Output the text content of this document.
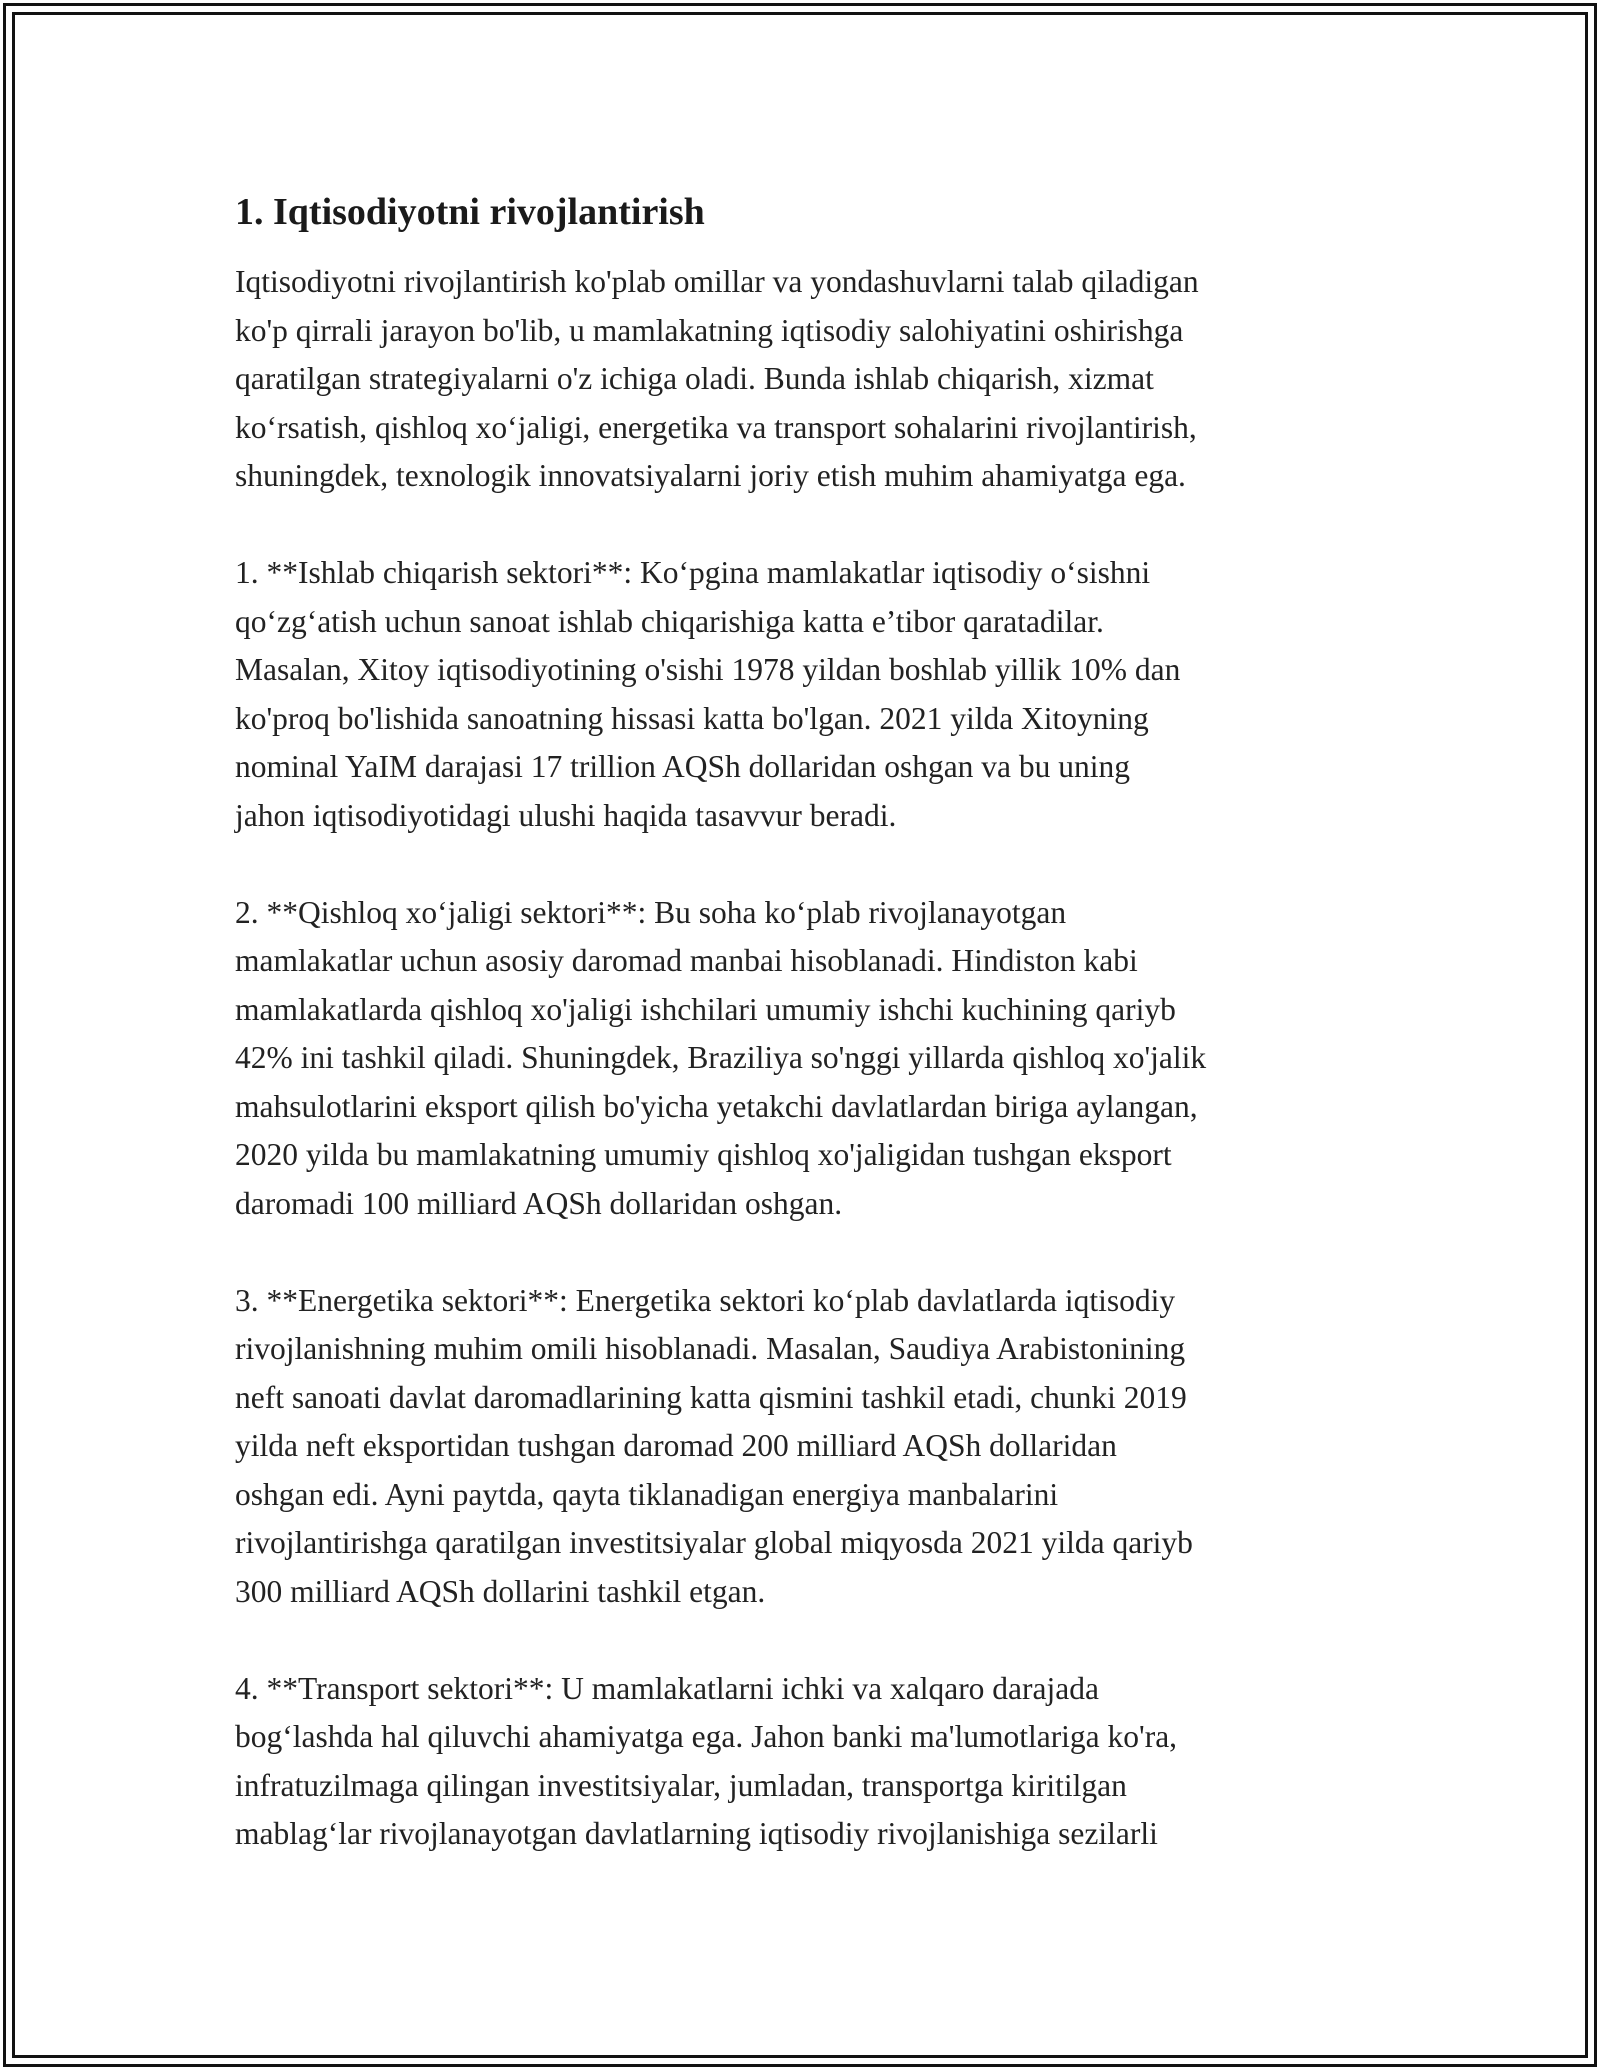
1. Iqtisodiyotni rivojlantirish
Iqtisodiyotni rivojlantirish ko'plab omillar va yondashuvlarni talab qiladigan
ko'p qirrali jarayon bo'lib, u mamlakatning iqtisodiy salohiyatini oshirishga
qaratilgan strategiyalarni o'z ichiga oladi. Bunda ishlab chiqarish, xizmat
ko‘rsatish, qishloq xo‘jaligi, energetika va transport sohalarini rivojlantirish,
shuningdek, texnologik innovatsiyalarni joriy etish muhim ahamiyatga ega.
1. **Ishlab chiqarish sektori**: Ko‘pgina mamlakatlar iqtisodiy o‘sishni
qo‘zg‘atish uchun sanoat ishlab chiqarishiga katta e’tibor qaratadilar.
Masalan, Xitoy iqtisodiyotining o'sishi 1978 yildan boshlab yillik 10% dan
ko'proq bo'lishida sanoatning hissasi katta bo'lgan. 2021 yilda Xitoyning
nominal YaIM darajasi 17 trillion AQSh dollaridan oshgan va bu uning
jahon iqtisodiyotidagi ulushi haqida tasavvur beradi.
2. **Qishloq xo‘jaligi sektori**: Bu soha ko‘plab rivojlanayotgan
mamlakatlar uchun asosiy daromad manbai hisoblanadi. Hindiston kabi
mamlakatlarda qishloq xo'jaligi ishchilari umumiy ishchi kuchining qariyb
42% ini tashkil qiladi. Shuningdek, Braziliya so'nggi yillarda qishloq xo'jalik
mahsulotlarini eksport qilish bo'yicha yetakchi davlatlardan biriga aylangan,
2020 yilda bu mamlakatning umumiy qishloq xo'jaligidan tushgan eksport
daromadi 100 milliard AQSh dollaridan oshgan.
3. **Energetika sektori**: Energetika sektori ko‘plab davlatlarda iqtisodiy
rivojlanishning muhim omili hisoblanadi. Masalan, Saudiya Arabistonining
neft sanoati davlat daromadlarining katta qismini tashkil etadi, chunki 2019
yilda neft eksportidan tushgan daromad 200 milliard AQSh dollaridan
oshgan edi. Ayni paytda, qayta tiklanadigan energiya manbalarini
rivojlantirishga qaratilgan investitsiyalar global miqyosda 2021 yilda qariyb
300 milliard AQSh dollarini tashkil etgan.
4. **Transport sektori**: U mamlakatlarni ichki va xalqaro darajada
bog‘lashda hal qiluvchi ahamiyatga ega. Jahon banki ma'lumotlariga ko'ra,
infratuzilmaga qilingan investitsiyalar, jumladan, transportga kiritilgan
mablag‘lar rivojlanayotgan davlatlarning iqtisodiy rivojlanishiga sezilarli
